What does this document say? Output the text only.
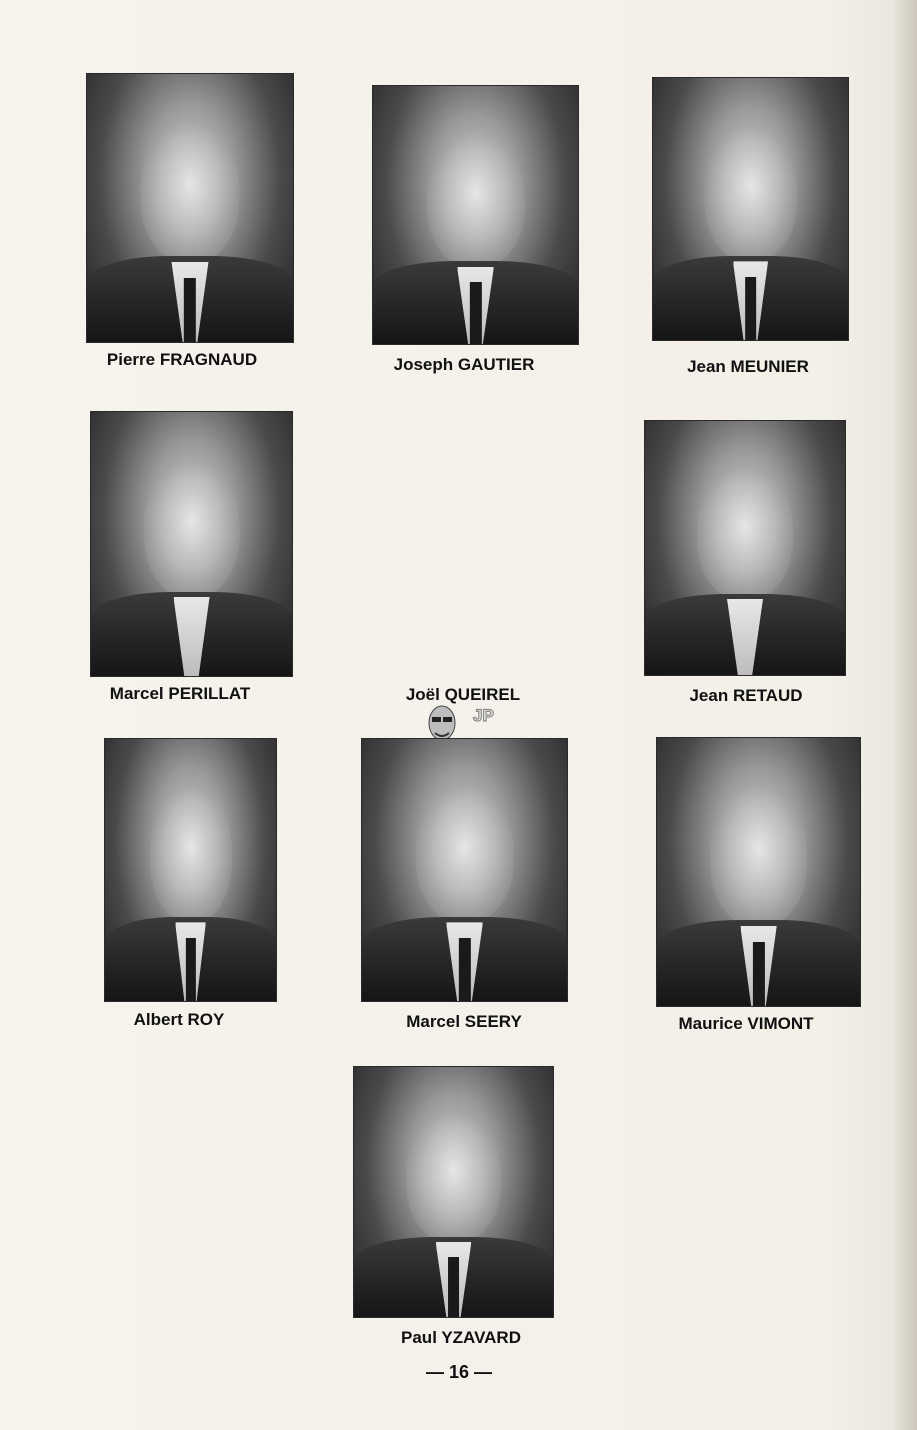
Pierre FRAGNAUD	Joseph GAUTIER	Jean MEUNIER
Marcel PERILLAT	Joël QUEIREL
JP
Jean RETAUD
Albert ROY	Marcel SEERY	Maurice VIMONT
Paul YZAVARD
— 16 —
